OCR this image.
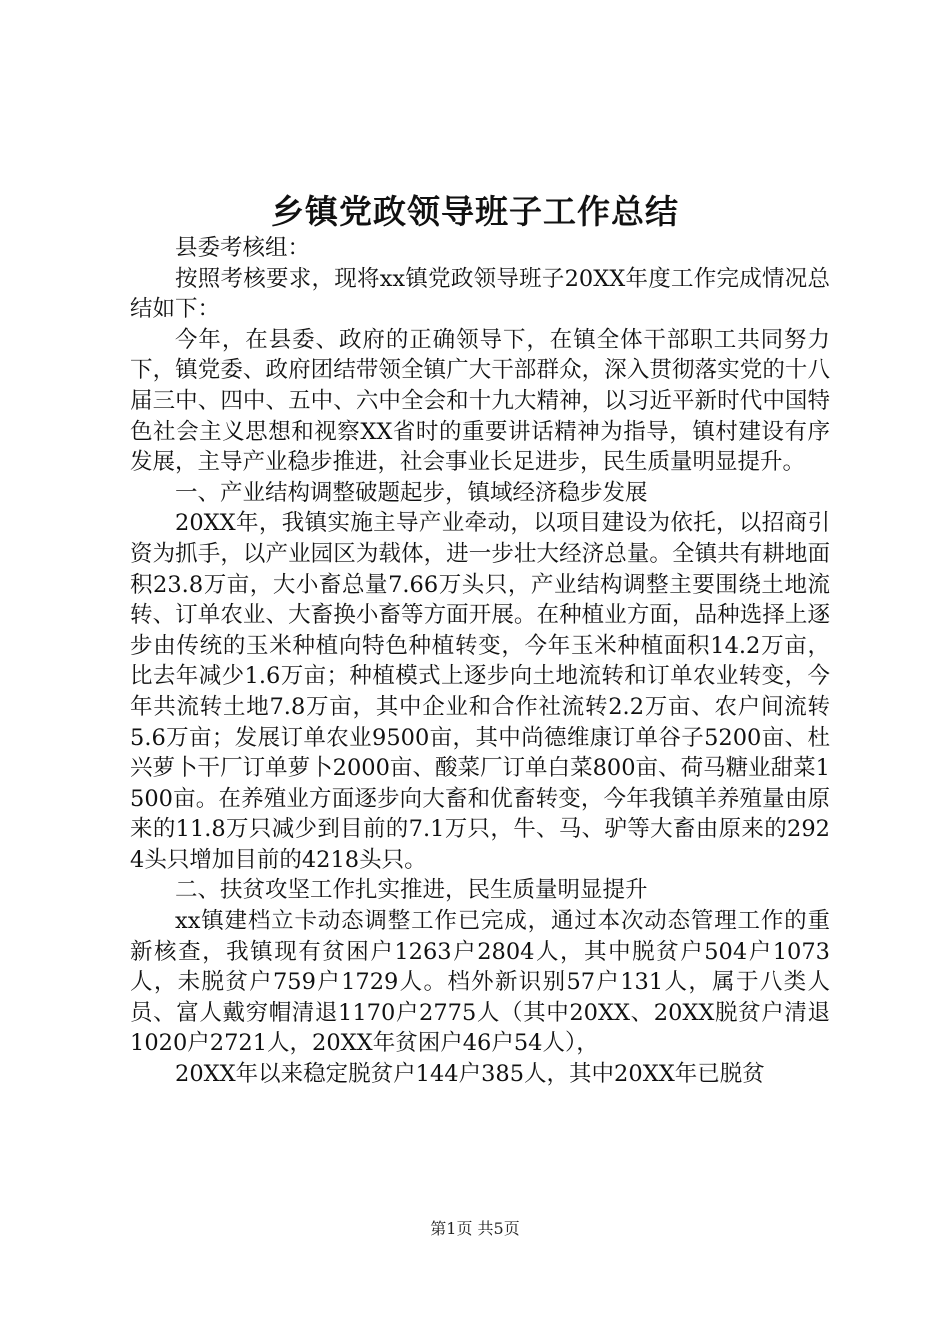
乡镇党政领导班子工作总结

县委考核组：

按照考核要求，现将xx镇党政领导班子20XX年度工作完成情况总结如下：

今年，在县委、政府的正确领导下，在镇全体干部职工共同努力下，镇党委、政府团结带领全镇广大干部群众，深入贯彻落实党的十八届三中、四中、五中、六中全会和十九大精神，以习近平新时代中国特色社会主义思想和视察XX省时的重要讲话精神为指导，镇村建设有序发展，主导产业稳步推进，社会事业长足进步，民生质量明显提升。

一、产业结构调整破题起步，镇域经济稳步发展

20XX年，我镇实施主导产业牵动，以项目建设为依托，以招商引资为抓手，以产业园区为载体，进一步壮大经济总量。全镇共有耕地面积23.8万亩，大小畜总量7.66万头只，产业结构调整主要围绕土地流转、订单农业、大畜换小畜等方面开展。在种植业方面，品种选择上逐步由传统的玉米种植向特色种植转变，今年玉米种植面积14.2万亩，比去年减少1.6万亩；种植模式上逐步向土地流转和订单农业转变，今年共流转土地7.8万亩，其中企业和合作社流转2.2万亩、农户间流转5.6万亩；发展订单农业9500亩，其中尚德维康订单谷子5200亩、杜兴萝卜干厂订单萝卜2000亩、酸菜厂订单白菜800亩、荷马糖业甜菜1500亩。在养殖业方面逐步向大畜和优畜转变，今年我镇羊养殖量由原来的11.8万只减少到目前的7.1万只，牛、马、驴等大畜由原来的2924头只增加目前的4218头只。

二、扶贫攻坚工作扎实推进，民生质量明显提升

xx镇建档立卡动态调整工作已完成，通过本次动态管理工作的重新核查，我镇现有贫困户1263户2804人，其中脱贫户504户1073人，未脱贫户759户1729人。档外新识别57户131人，属于八类人员、富人戴穷帽清退1170户2775人（其中20XX、20XX脱贫户清退1020户2721人，20XX年贫困户46户54人），

20XX年以来稳定脱贫户144户385人，其中20XX年已脱贫

第1页 共5页
